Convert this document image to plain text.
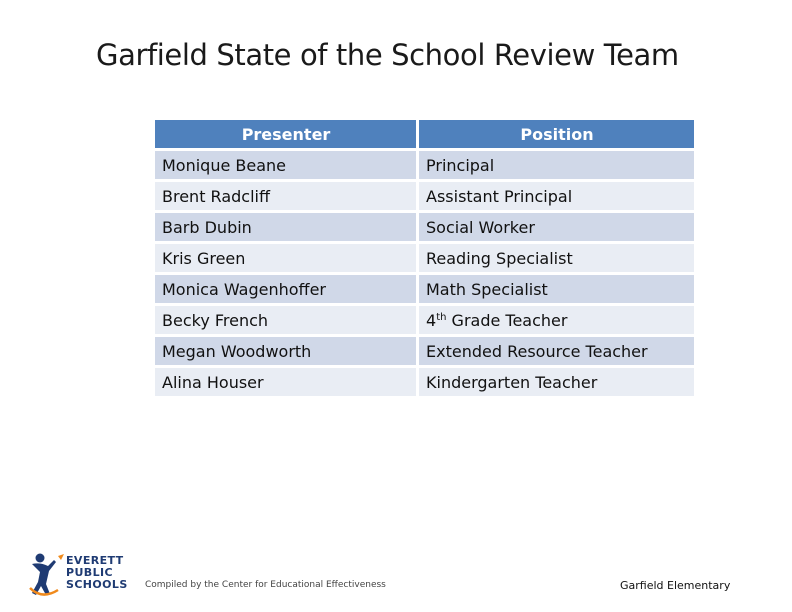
Garfield State of the School Review Team
Presenter	Position
Monique Beane	Principal
Brent Radcliff	Assistant Principal
Barb Dubin	Social Worker
Kris Green	Reading Specialist
Monica Wagenhoffer	Math Specialist
Becky French	4th Grade Teacher
Megan Woodworth	Extended Resource Teacher
Alina Houser	Kindergarten Teacher
EVERETT
PUBLIC
SCHOOLS Compiled by the Center for Educational Effectiveness	Garfield Elementary
